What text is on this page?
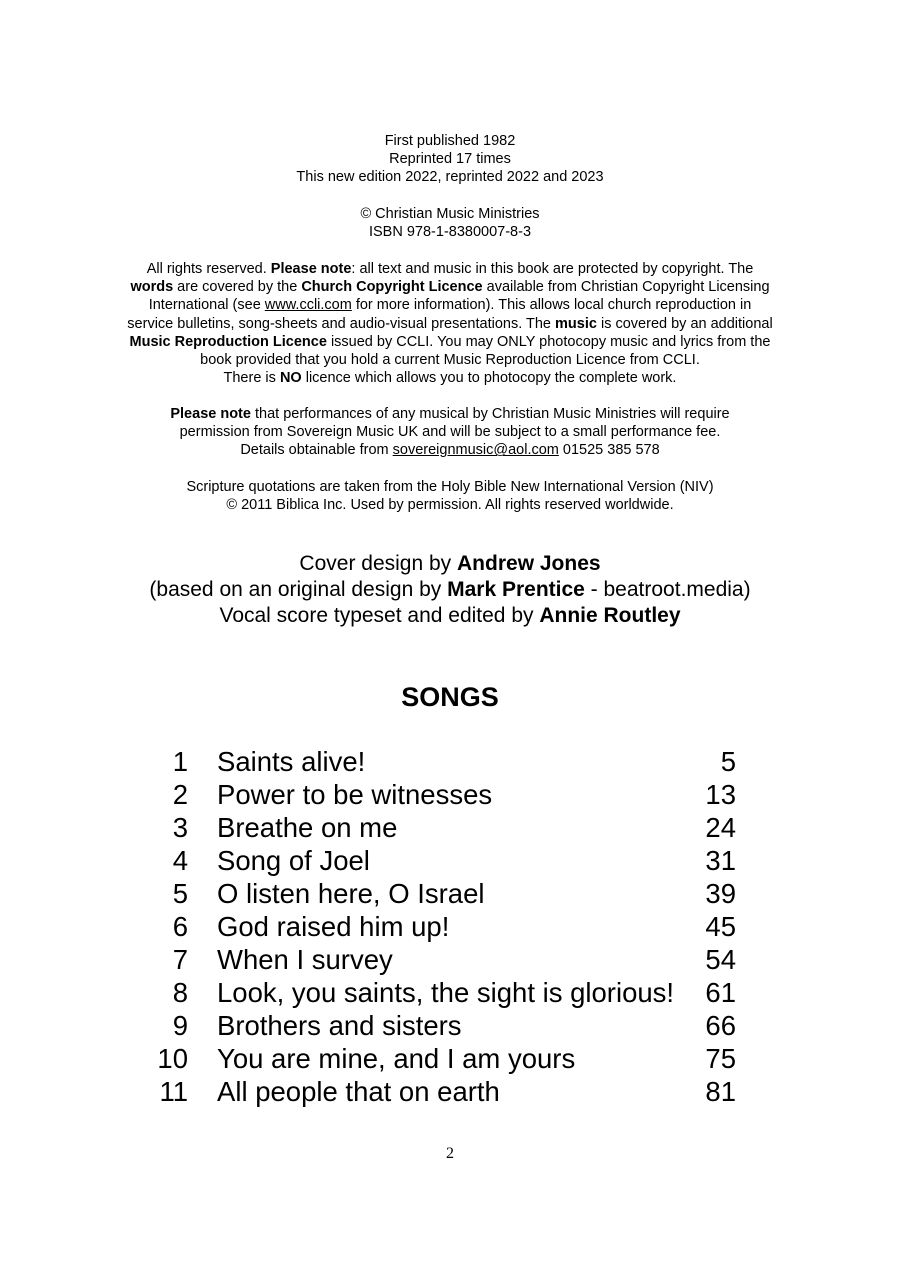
First published 1982

Reprinted 17 times

This new edition 2022, reprinted 2022 and 2023

© Christian Music Ministries

ISBN 978-1-8380007-8-3

All rights reserved. Please note: all text and music in this book are protected by copyright. The

words are covered by the Church Copyright Licence available from Christian Copyright Licensing

International (see www.ccli.com for more information). This allows local church reproduction in

service bulletins, song-sheets and audio-visual presentations. The music is covered by an additional

Music Reproduction Licence issued by CCLI. You may ONLY photocopy music and lyrics from the

book provided that you hold a current Music Reproduction Licence from CCLI.

There is NO licence which allows you to photocopy the complete work.

Please note that performances of any musical by Christian Music Ministries will require

permission from Sovereign Music UK and will be subject to a small performance fee.

Details obtainable from sovereignmusic@aol.com 01525 385 578

Scripture quotations are taken from the Holy Bible New International Version (NIV)

© 2011 Biblica Inc. Used by permission. All rights reserved worldwide.

Cover design by Andrew Jones

(based on an original design by Mark Prentice - beatroot.media)

Vocal score typeset and edited by Annie Routley

SONGS
1 Saints alive!	5
2 Power to be witnesses	13
3 Breathe on me	24
4 Song of Joel	31
5 O listen here, O Israel	39
6 God raised him up!	45
7 When I survey	54
8 Look, you saints, the sight is glorious! 61
9 Brothers and sisters	66
10 You are mine, and I am yours	75
11 All people that on earth	81
2
